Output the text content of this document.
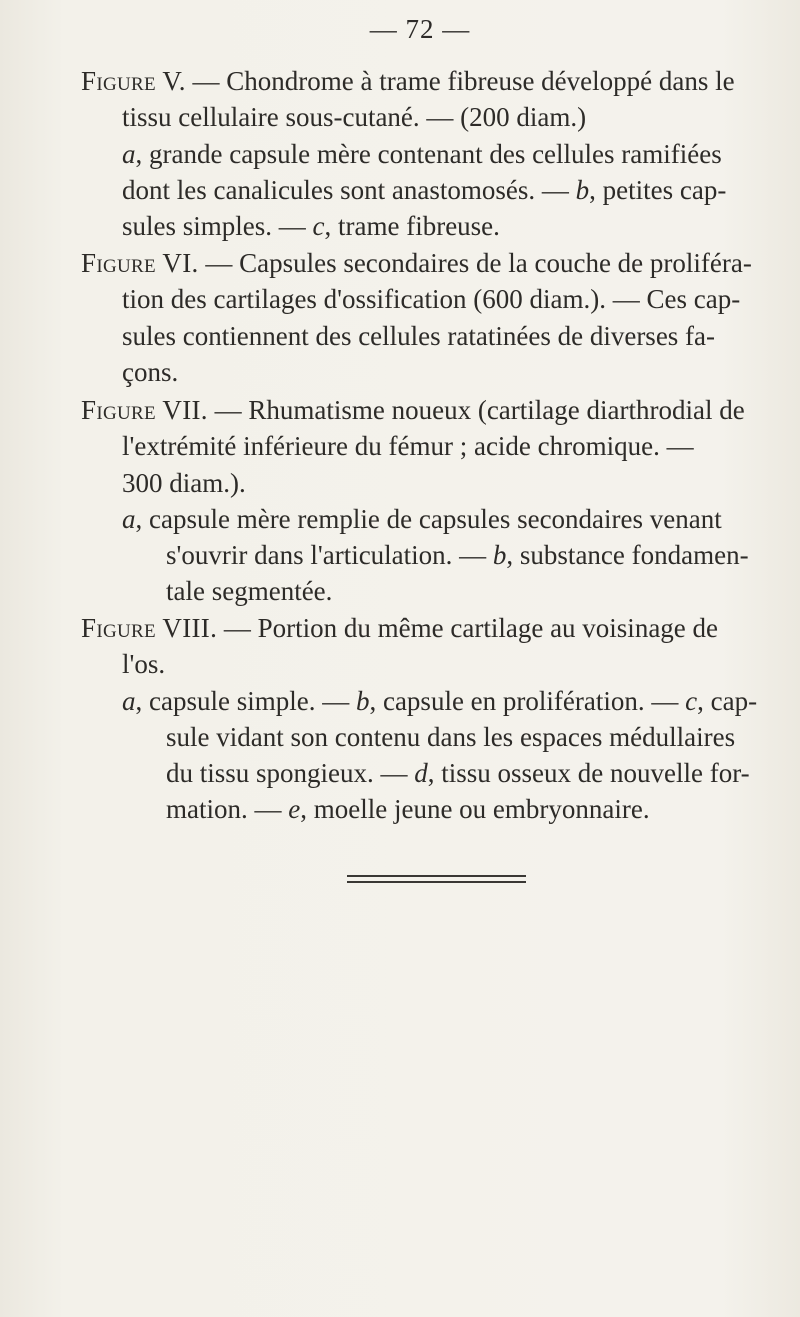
— 72 —
Figure V. — Chondrome à trame fibreuse développé dans le
tissu cellulaire sous-cutané. — (200 diam.)
a, grande capsule mère contenant des cellules ramifiées
dont les canalicules sont anastomosés. — b, petites cap-
sules simples. — c, trame fibreuse.
Figure VI. — Capsules secondaires de la couche de proliféra-
tion des cartilages d'ossification (600 diam.). — Ces cap-
sules contiennent des cellules ratatinées de diverses fa-
çons.
Figure VII. — Rhumatisme noueux (cartilage diarthrodial de
l'extrémité inférieure du fémur ; acide chromique. —
300 diam.).
a, capsule mère remplie de capsules secondaires venant
s'ouvrir dans l'articulation. — b, substance fondamen-
tale segmentée.
Figure VIII. — Portion du même cartilage au voisinage de
l'os.
a, capsule simple. — b, capsule en prolifération. — c, cap-
sule vidant son contenu dans les espaces médullaires
du tissu spongieux. — d, tissu osseux de nouvelle for-
mation. — e, moelle jeune ou embryonnaire.
